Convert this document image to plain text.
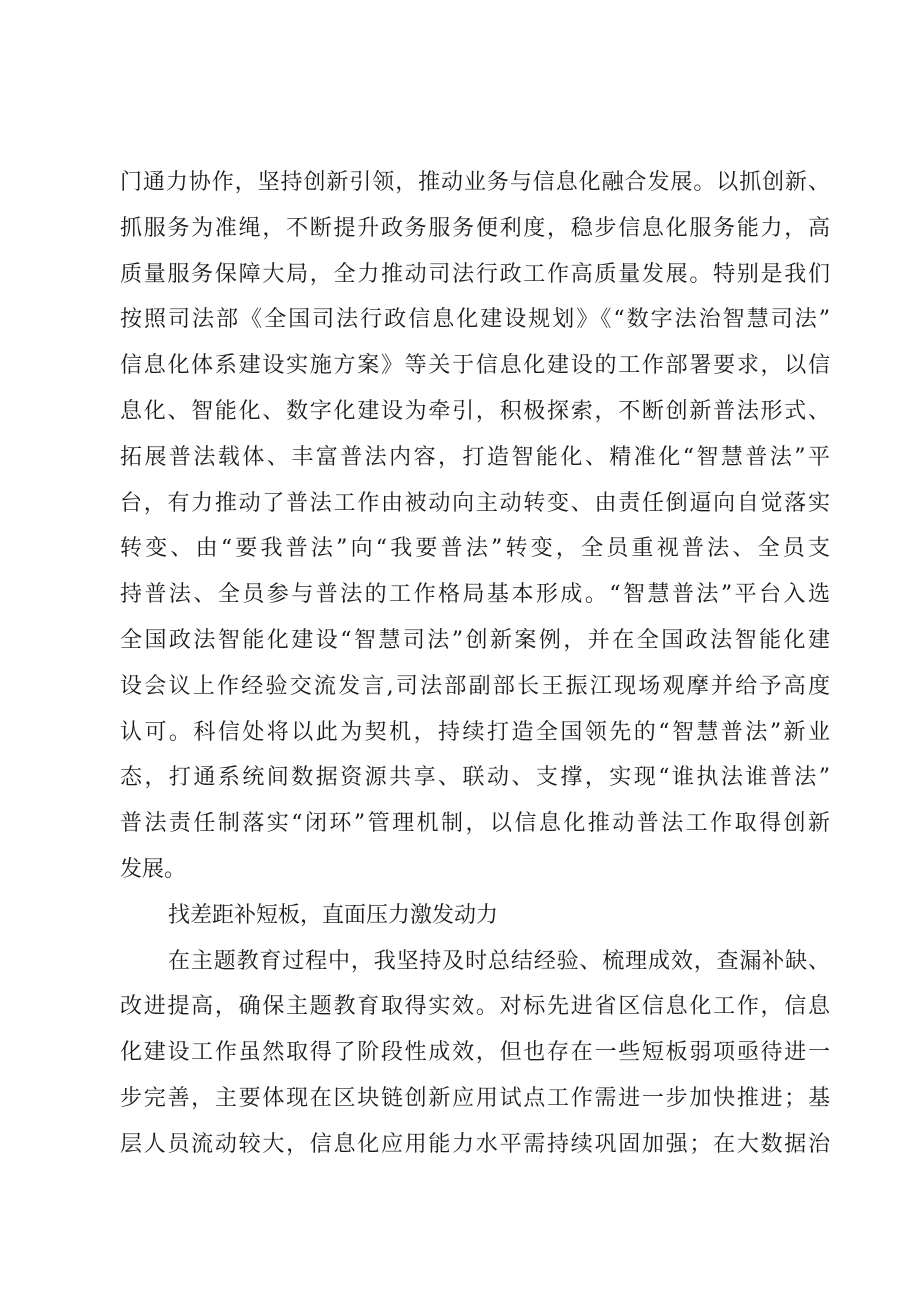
门通力协作，坚持创新引领，推动业务与信息化融合发展。以抓创新、
抓服务为准绳，不断提升政务服务便利度，稳步信息化服务能力，高
质量服务保障大局，全力推动司法行政工作高质量发展。特别是我们
按照司法部《全国司法行政信息化建设规划》《“数字法治智慧司法”
信息化体系建设实施方案》等关于信息化建设的工作部署要求，以信
息化、智能化、数字化建设为牵引，积极探索，不断创新普法形式、
拓展普法载体、丰富普法内容，打造智能化、精准化“智慧普法”平
台，有力推动了普法工作由被动向主动转变、由责任倒逼向自觉落实
转变、由“要我普法”向“我要普法”转变，全员重视普法、全员支
持普法、全员参与普法的工作格局基本形成。“智慧普法”平台入选
全国政法智能化建设“智慧司法”创新案例，并在全国政法智能化建
设会议上作经验交流发言,司法部副部长王振江现场观摩并给予高度
认可。科信处将以此为契机，持续打造全国领先的“智慧普法”新业
态，打通系统间数据资源共享、联动、支撑，实现“谁执法谁普法”
普法责任制落实“闭环”管理机制，以信息化推动普法工作取得创新
发展。
找差距补短板，直面压力激发动力
在主题教育过程中，我坚持及时总结经验、梳理成效，查漏补缺、
改进提高，确保主题教育取得实效。对标先进省区信息化工作，信息
化建设工作虽然取得了阶段性成效，但也存在一些短板弱项亟待进一
步完善，主要体现在区块链创新应用试点工作需进一步加快推进；基
层人员流动较大，信息化应用能力水平需持续巩固加强；在大数据治
